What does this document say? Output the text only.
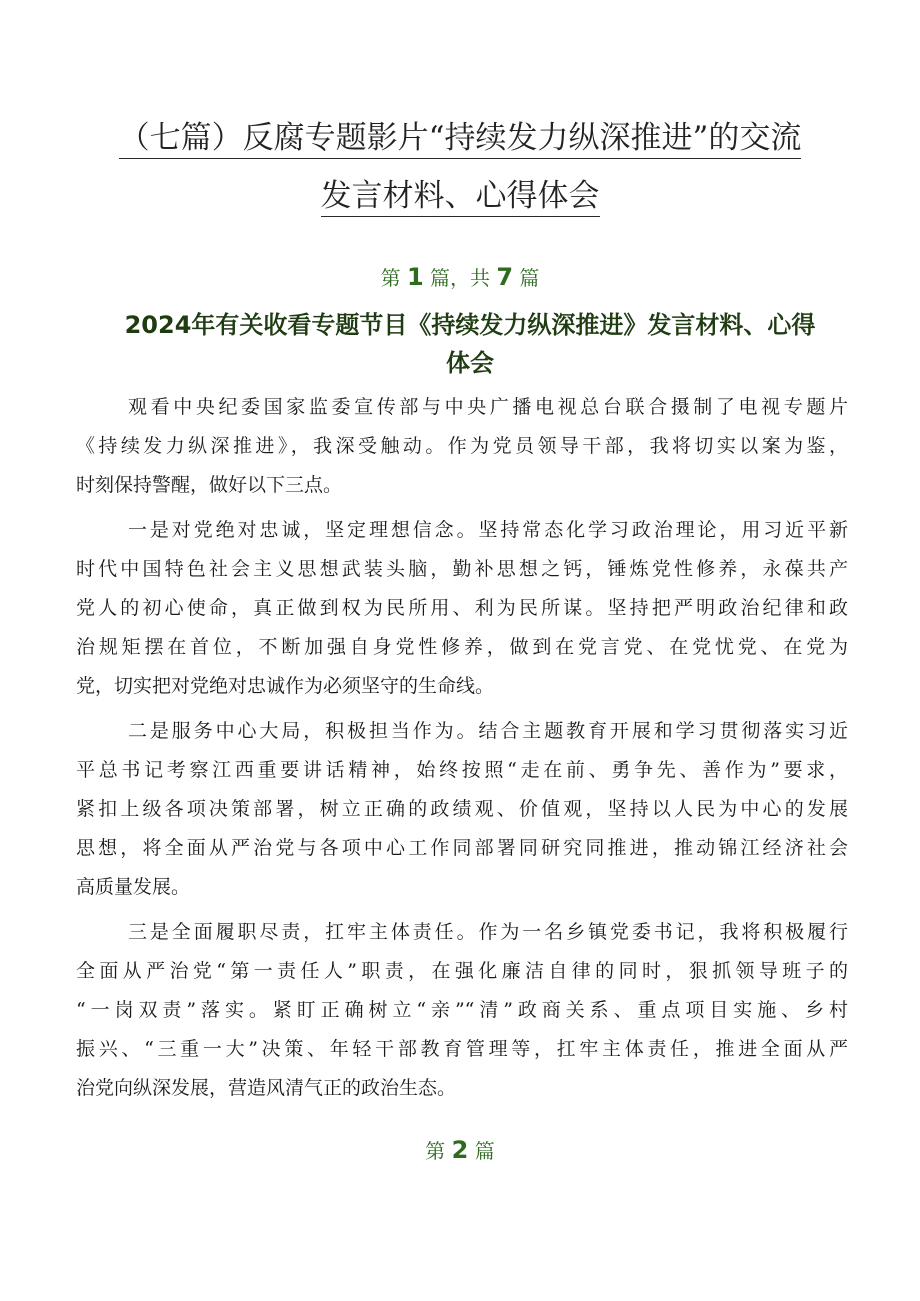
（七篇）反腐专题影片“持续发力纵深推进”的交流
发言材料、心得体会
第 1 篇，共 7 篇
2024年有关收看专题节目《持续发力纵深推进》发言材料、心得
体会

观看中央纪委国家监委宣传部与中央广播电视总台联合摄制了电视专题片
《持续发力纵深推进》，我深受触动。作为党员领导干部，我将切实以案为鉴，
时刻保持警醒，做好以下三点。

一是对党绝对忠诚，坚定理想信念。坚持常态化学习政治理论，用习近平新
时代中国特色社会主义思想武装头脑，勤补思想之钙，锤炼党性修养，永葆共产
党人的初心使命，真正做到权为民所用、利为民所谋。坚持把严明政治纪律和政
治规矩摆在首位，不断加强自身党性修养，做到在党言党、在党忧党、在党为
党，切实把对党绝对忠诚作为必须坚守的生命线。

二是服务中心大局，积极担当作为。结合主题教育开展和学习贯彻落实习近
平总书记考察江西重要讲话精神，始终按照“走在前、勇争先、善作为”要求，
紧扣上级各项决策部署，树立正确的政绩观、价值观，坚持以人民为中心的发展
思想，将全面从严治党与各项中心工作同部署同研究同推进，推动锦江经济社会
高质量发展。

三是全面履职尽责，扛牢主体责任。作为一名乡镇党委书记，我将积极履行
全面从严治党“第一责任人”职责，在强化廉洁自律的同时，狠抓领导班子的
“一岗双责”落实。紧盯正确树立“亲”“清”政商关系、重点项目实施、乡村
振兴、“三重一大”决策、年轻干部教育管理等，扛牢主体责任，推进全面从严
治党向纵深发展，营造风清气正的政治生态。

第 2 篇
